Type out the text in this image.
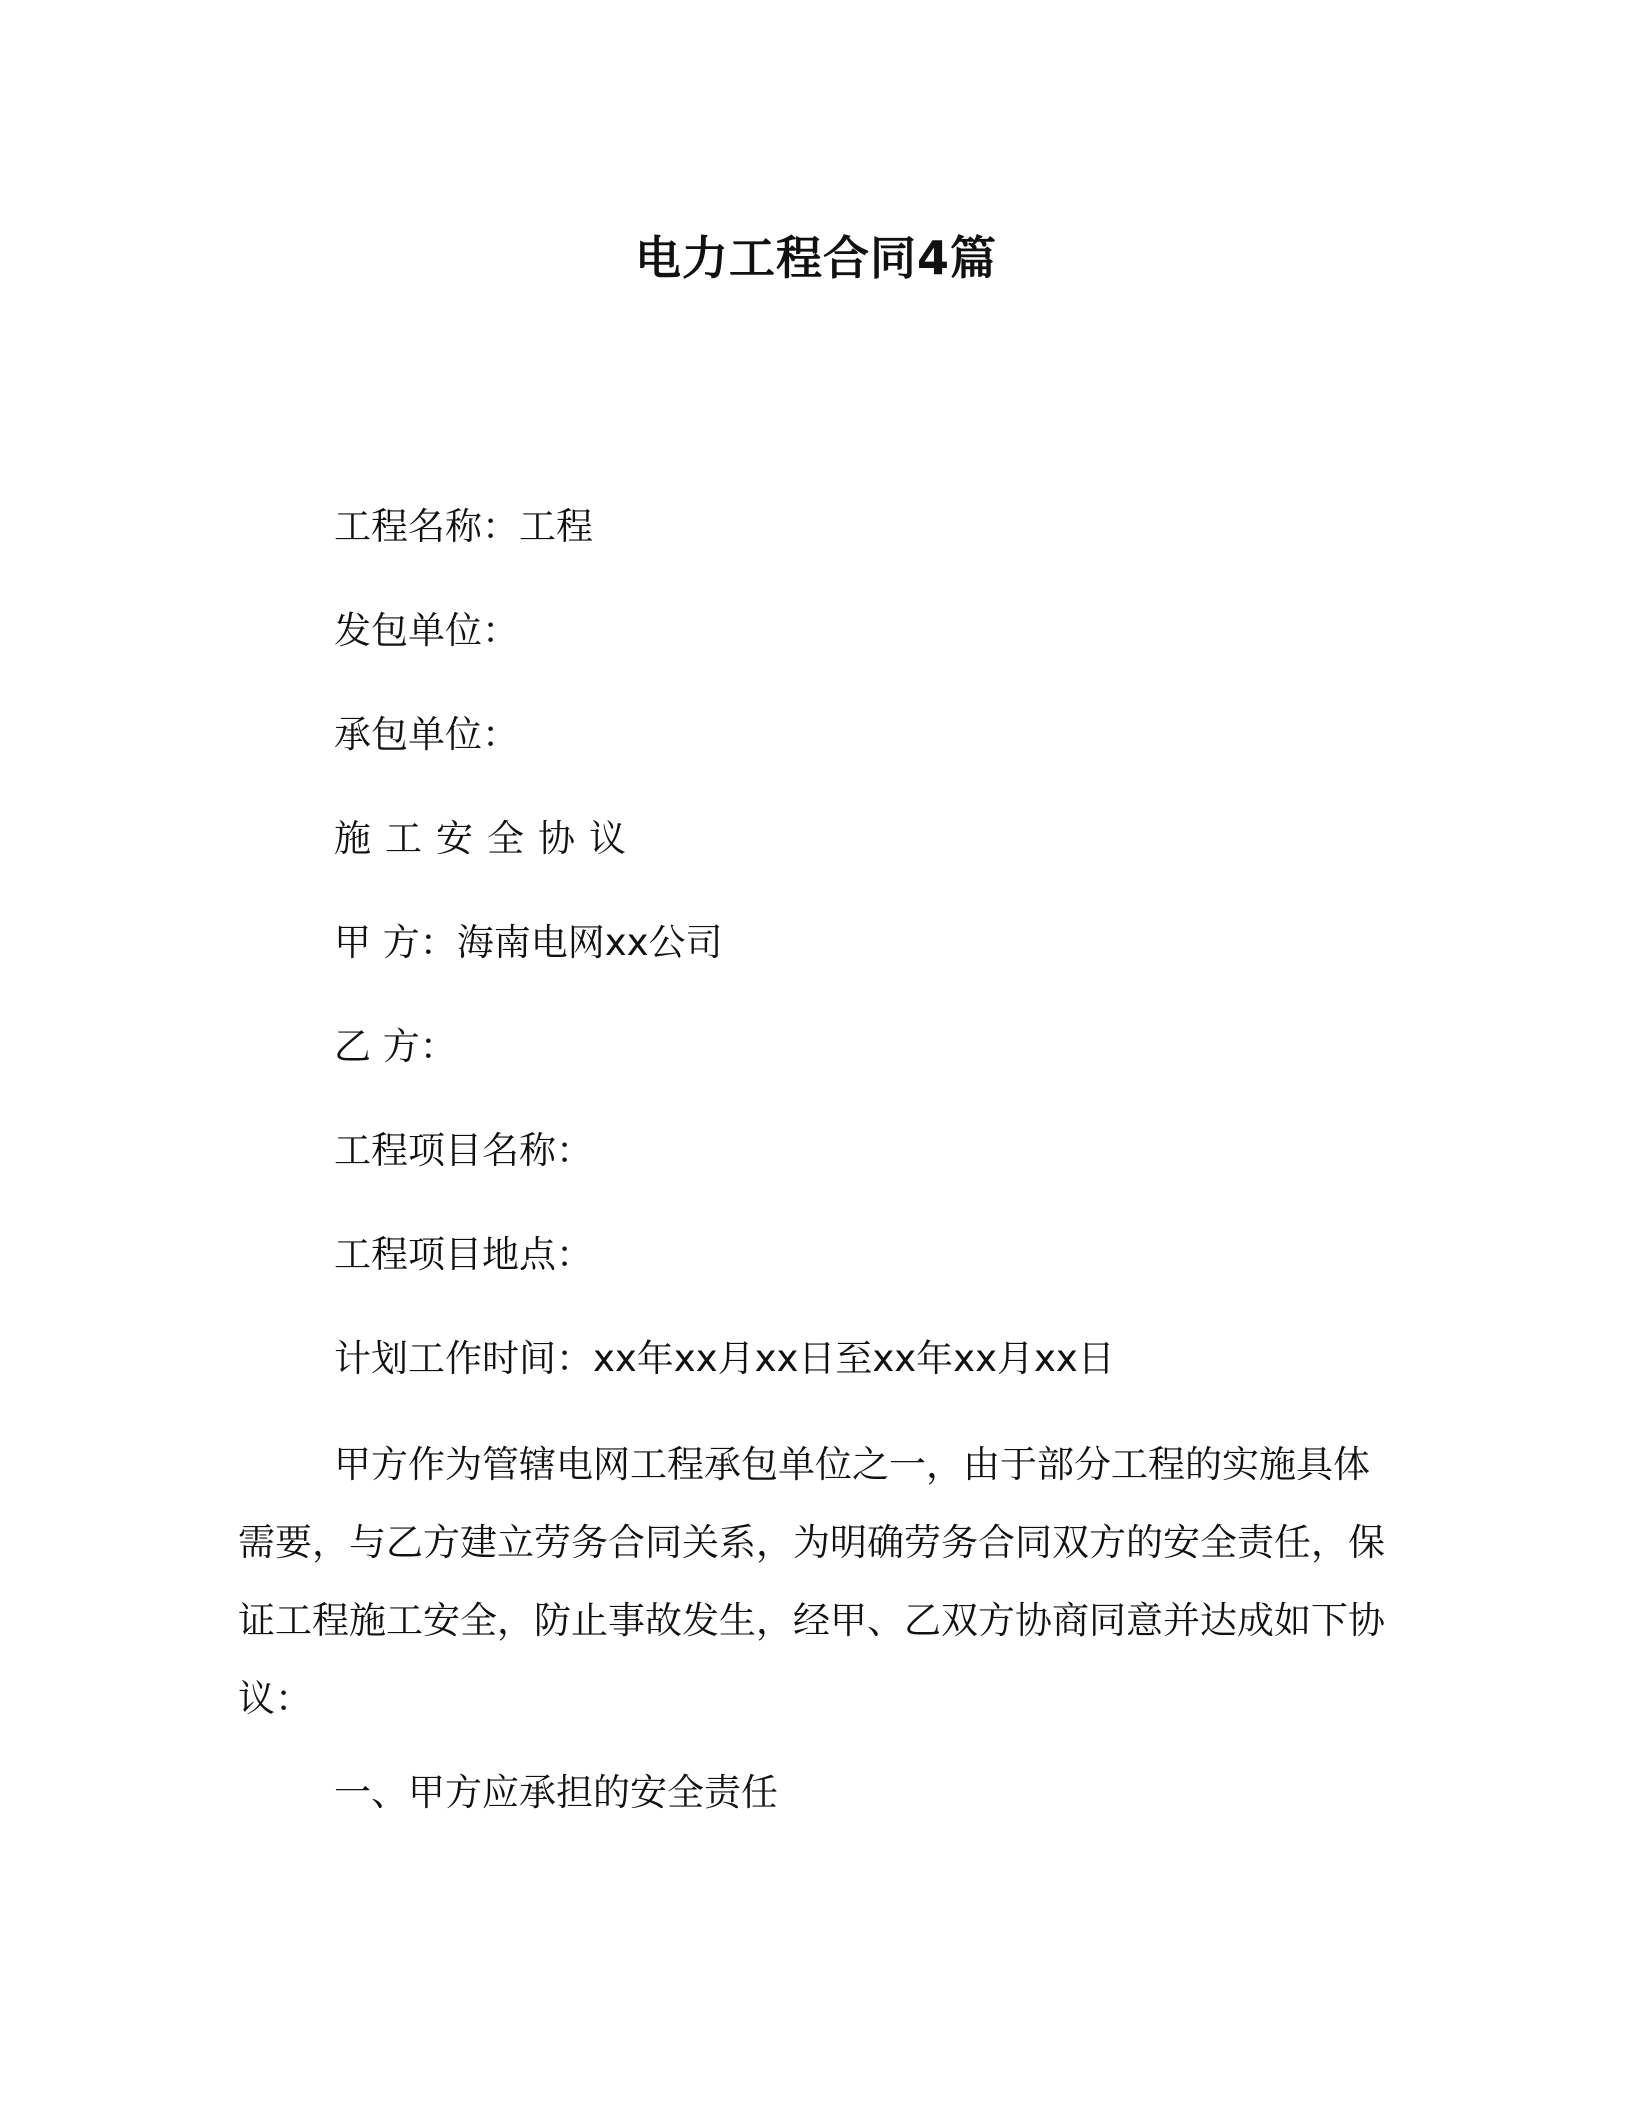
电力工程合同4篇
工程名称：工程
发包单位：
承包单位：
施工安全协议
甲 方：海南电网xx公司
乙 方：
工程项目名称：
工程项目地点：
计划工作时间：xx年xx月xx日至xx年xx月xx日
甲方作为管辖电网工程承包单位之一，由于部分工程的实施具体需要，与乙方建立劳务合同关系，为明确劳务合同双方的安全责任，保证工程施工安全，防止事故发生，经甲、乙双方协商同意并达成如下协议：
一、甲方应承担的安全责任
